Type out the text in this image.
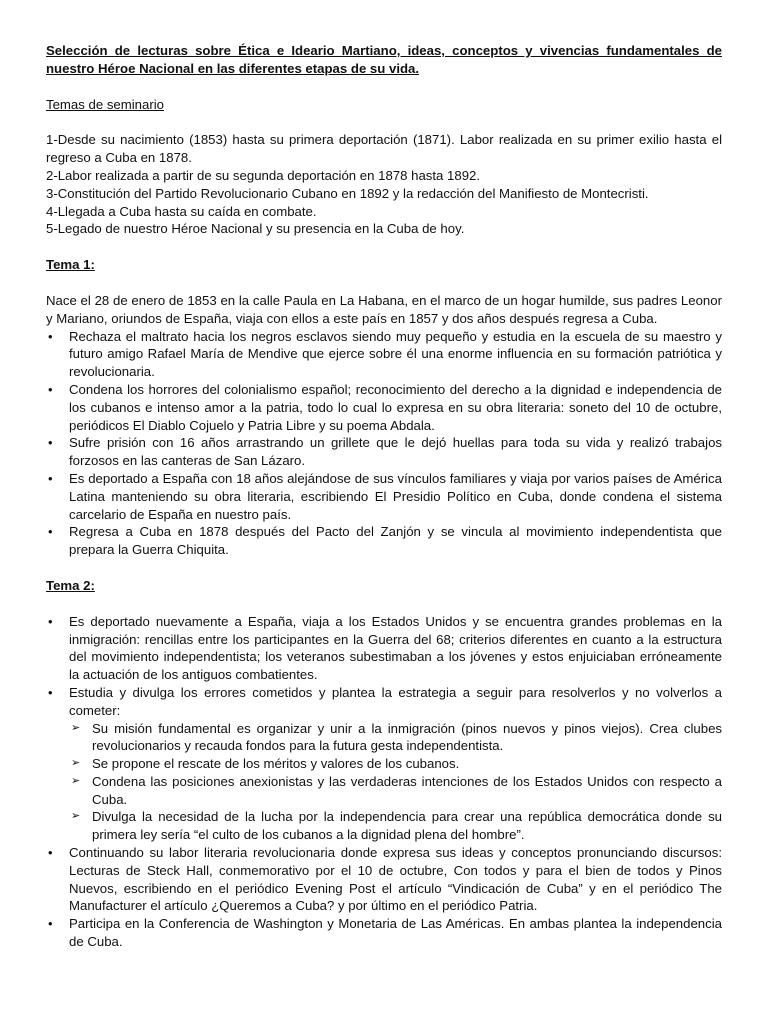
Selección de lecturas sobre Ética e Ideario Martiano, ideas, conceptos y vivencias fundamentales de nuestro Héroe Nacional en las diferentes etapas de su vida.

Temas de seminario

1-Desde su nacimiento (1853) hasta su primera deportación (1871). Labor realizada en su primer exilio hasta el regreso a Cuba en 1878.

2-Labor realizada a partir de su segunda deportación en 1878 hasta 1892.

3-Constitución del Partido Revolucionario Cubano en 1892 y la redacción del Manifiesto de Montecristi.

4-Llegada a Cuba hasta su caída en combate.

5-Legado de nuestro Héroe Nacional y su presencia en la Cuba de hoy.

Tema 1:

Nace el 28 de enero de 1853 en la calle Paula en La Habana, en el marco de un hogar humilde, sus padres Leonor y Mariano, oriundos de España, viaja con ellos a este país en 1857 y dos años después regresa a Cuba.

• Rechaza el maltrato hacia los negros esclavos siendo muy pequeño y estudia en la escuela de su maestro y futuro amigo Rafael María de Mendive que ejerce sobre él una enorme influencia en su formación patriótica y revolucionaria.
• Condena los horrores del colonialismo español; reconocimiento del derecho a la dignidad e independencia de los cubanos e intenso amor a la patria, todo lo cual lo expresa en su obra literaria: soneto del 10 de octubre, periódicos El Diablo Cojuelo y Patria Libre y su poema Abdala.
• Sufre prisión con 16 años arrastrando un grillete que le dejó huellas para toda su vida y realizó trabajos forzosos en las canteras de San Lázaro.
• Es deportado a España con 18 años alejándose de sus vínculos familiares y viaja por varios países de América Latina manteniendo su obra literaria, escribiendo El Presidio Político en Cuba, donde condena el sistema carcelario de España en nuestro país.
• Regresa a Cuba en 1878 después del Pacto del Zanjón y se vincula al movimiento independentista que prepara la Guerra Chiquita.
Tema 2:
• Es deportado nuevamente a España, viaja a los Estados Unidos y se encuentra grandes problemas en la inmigración: rencillas entre los participantes en la Guerra del 68; criterios diferentes en cuanto a la estructura del movimiento independentista; los veteranos subestimaban a los jóvenes y estos enjuiciaban erróneamente la actuación de los antiguos combatientes.
• Estudia y divulga los errores cometidos y plantea la estrategia a seguir para resolverlos y no volverlos a cometer:
➢ Su misión fundamental es organizar y unir a la inmigración (pinos nuevos y pinos viejos). Crea clubes revolucionarios y recauda fondos para la futura gesta independentista.
➢ Se propone el rescate de los méritos y valores de los cubanos.
➢ Condena las posiciones anexionistas y las verdaderas intenciones de los Estados Unidos con respecto a Cuba.
➢ Divulga la necesidad de la lucha por la independencia para crear una república democrática donde su primera ley sería “el culto de los cubanos a la dignidad plena del hombre”.
• Continuando su labor literaria revolucionaria donde expresa sus ideas y conceptos pronunciando discursos: Lecturas de Steck Hall, conmemorativo por el 10 de octubre, Con todos y para el bien de todos y Pinos Nuevos, escribiendo en el periódico Evening Post el artículo “Vindicación de Cuba” y en el periódico The Manufacturer el artículo ¿Queremos a Cuba? y por último en el periódico Patria.
• Participa en la Conferencia de Washington y Monetaria de Las Américas. En ambas plantea la independencia de Cuba.
